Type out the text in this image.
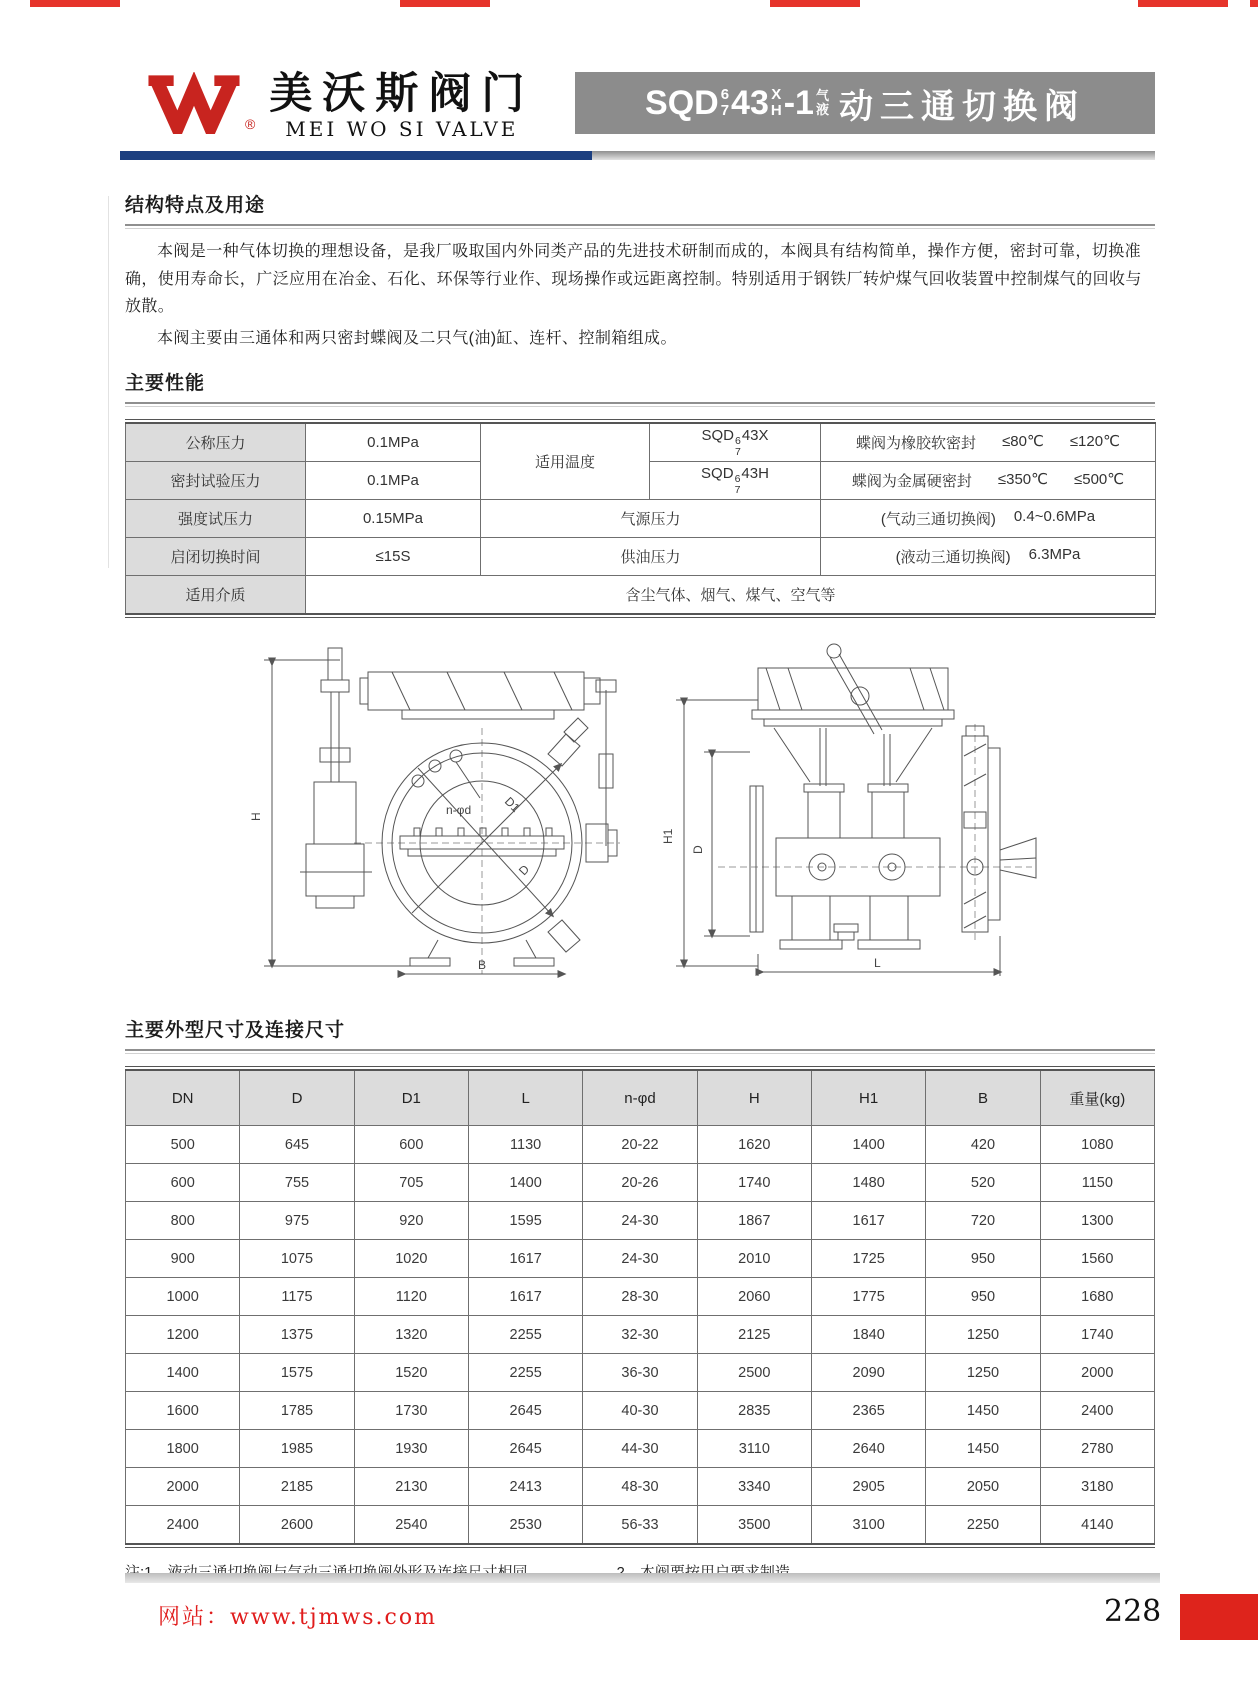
®
美沃斯阀门
MEI WO SI VALVE
SQD 6
7 43 X
H -1 气
液 动三通切换阀
结构特点及用途

本阀是一种气体切换的理想设备，是我厂吸取国内外同类产品的先进技术研制而成的，本阀具有结构简单，操作方便，密封可靠，切换准确，使用寿命长，广泛应用在冶金、石化、环保等行业作、现场操作或远距离控制。特别适用于钢铁厂转炉煤气回收装置中控制煤气的回收与放散。

本阀主要由三通体和两只密封蝶阀及二只气(油)缸、连杆、控制箱组成。

主要性能
公称压力	0.1MPa	适用温度	SQD 6
7
43X	蝶阀为橡胶软密封 ≤80℃ ≤120℃

密封试验压力	0.1MPa		SQD 6
7
43H	蝶阀为金属硬密封 ≤350℃ ≤500℃

强度试压力	0.15MPa	气源压力		(气动三通切换阀) 0.4~0.6MPa

启闭切换时间	≤15S	供油压力		(液动三通切换阀) 6.3MPa

适用介质	含尘气体、烟气、煤气、空气等			
H	n-φd	D1
D
B
H1
D
L
主要外型尺寸及连接尺寸
DN	D	D1	L	n-φd	H	H1	B	重量(kg)
500	645	600	1130	20-22	1620	1400	420	1080
600	755	705	1400	20-26	1740	1480	520	1150
800	975	920	1595	24-30	1867	1617	720	1300
900	1075	1020	1617	24-30	2010	1725	950	1560
1000	1175	1120	1617	28-30	2060	1775	950	1680
1200	1375	1320	2255	32-30	2125	1840	1250	1740
1400	1575	1520	2255	36-30	2500	2090	1250	2000
1600	1785	1730	2645	40-30	2835	2365	1450	2400
1800	1985	1930	2645	44-30	3110	2640	1450	2780
2000	2185	2130	2413	48-30	3340	2905	2050	3180
2400	2600	2540	2530	56-33	3500	3100	2250	4140
网站：www.tjmws.com	228
